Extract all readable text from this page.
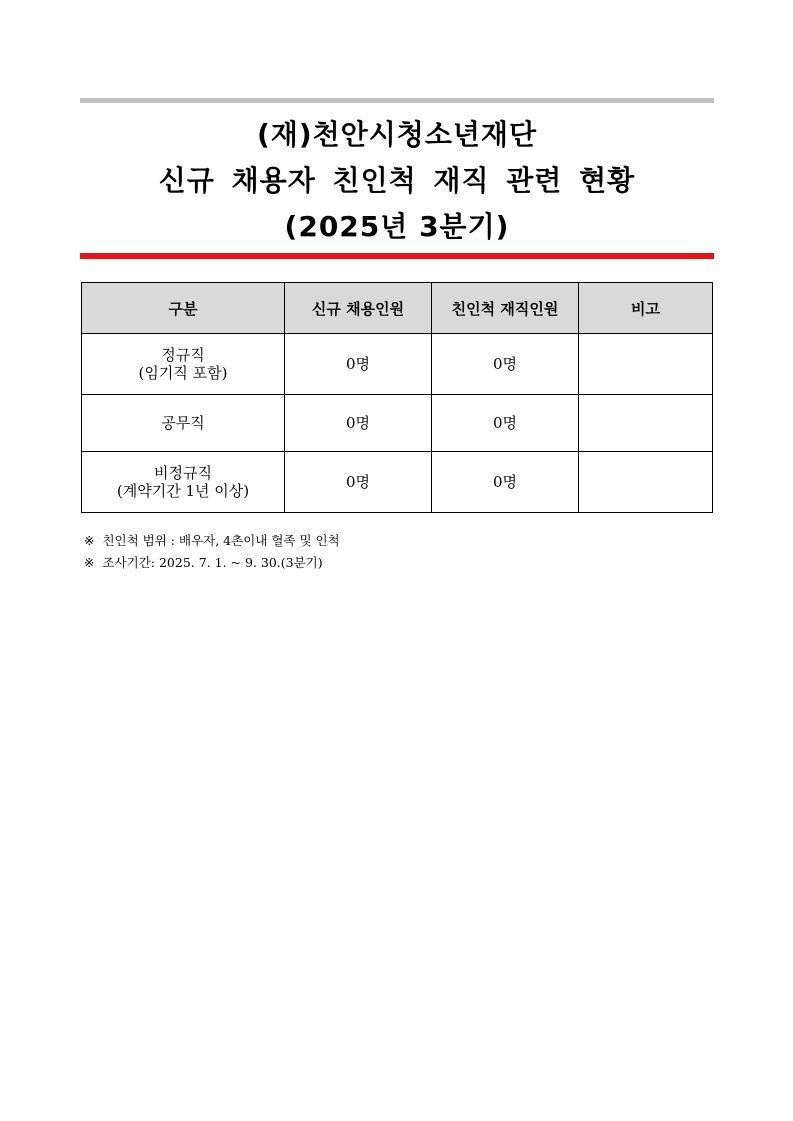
(재)천안시청소년재단
신규 채용자 친인척 재직 관련 현황
(2025년 3분기)
구분	신규 채용인원	친인척 재직인원	비고

정규직
(임기직 포함)	0명	0명	

공무직	0명	0명	

비정규직
(계약기간 1년 이상)	0명	0명	
※ 친인척 범위 : 배우자, 4촌이내 혈족 및 인척
※ 조사기간: 2025. 7. 1. ~ 9. 30.(3분기)
